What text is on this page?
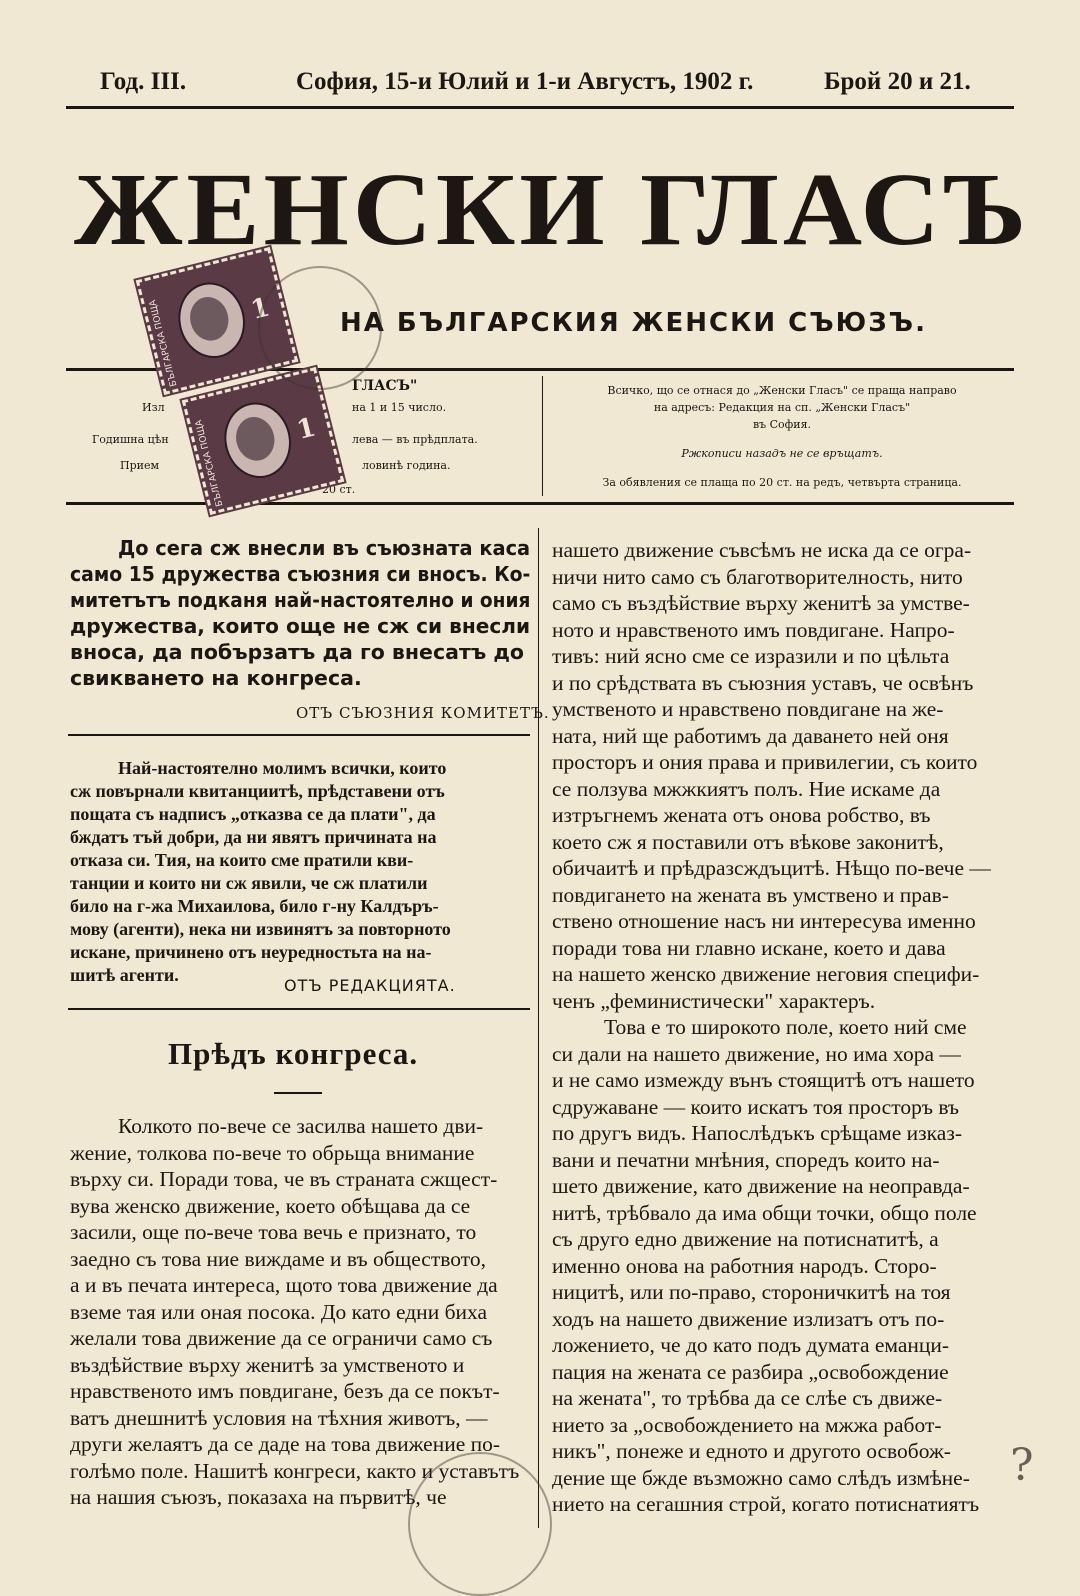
Год. III.	София, 15-и Юлий и 1-и Августъ, 1902 г.	Брой 20 и 21.
ЖЕНСКИ ГЛАСЪ
НА БЪЛГАРСКИЯ ЖЕНСКИ СЪЮЗЪ.
ГЛАСЪ"
Изл	на 1 и 15 число.
Годишна цѣн	лева — въ прѣдплата.
Прием	ловинѣ година.
20 ст.
Всичко, що се отнася до „Женски Гласъ" се праща направо
на адресъ: Редакция на сп. „Женски Гласъ"
въ София.
Ржкописи назадъ не се връщатъ.
За обявления се плаща по 20 ст. на редъ, четвърта страница.
БЪЛГАРСКА ПОЩА	1
БЪЛГАРСКА ПОЩА	1
До сега сж внесли въ съюзната каса
само 15 дружества съюзния си вносъ. Ко-
митетътъ подканя най-настоятелно и ония
дружества, които още не сж си внесли
вноса, да побързатъ да го внесатъ до
свикването на конгреса.
ОТЪ СЪЮЗНИЯ КОМИТЕТЪ.
Най-настоятелно молимъ всички, които
сж повърнали квитанциитѣ, прѣдставени отъ
пощата съ надписъ „отказва се да плати", да
бждатъ тъй добри, да ни явятъ причината на
отказа си. Тия, на които сме пратили кви-
танции и които ни сж явили, че сж платили
било на г-жа Михаилова, било г-ну Калдъръ-
мову (агенти), нека ни извинятъ за повторното
искане, причинено отъ неуредностьта на на-
шитѣ агенти.
ОТЪ РЕДАКЦИЯТА.
Прѣдъ конгреса.
Колкото по-вече се засилва нашето дви-
жение, толкова по-вече то обрьща внимание
върху си. Поради това, че въ страната сжщест-
вува женско движение, което обѣщава да се
засили, още по-вече това вечь е признато, то
заедно съ това ние виждаме и въ обществото,
а и въ печата интереса, щото това движение да
вземе тая или оная посока. До като едни биха
желали това движение да се ограничи само съ
въздѣйствие върху женитѣ за умственото и
нравственото имъ повдигане, безъ да се покът-
ватъ днешнитѣ условия на тѣхния животъ, —
други желаятъ да се даде на това движение по-
голѣмо поле. Нашитѣ конгреси, както и уставътъ
на нашия съюзъ, показаха на първитѣ, че
нашето движение съвсѣмъ не иска да се огра-
ничи нито само съ благотворителность, нито
само съ въздѣйствие върху женитѣ за умстве-
ното и нравственото имъ повдигане. Напро-
тивъ: ний ясно сме се изразили и по цѣльта
и по срѣдствата въ съюзния уставъ, че освѣнъ
умственото и нравствено повдигане на же-
ната, ний ще работимъ да даването ней оня
просторъ и ония права и привилегии, съ които
се ползува мжжкиятъ полъ. Ние искаме да
изтръгнемъ жената отъ онова робство, въ
което сж я поставили отъ вѣкове законитѣ,
обичаитѣ и прѣдразсждъцитѣ. Нѣщо по-вече —
повдигането на жената въ умствено и прав-
ствено отношение насъ ни интересува именно
поради това ни главно искане, което и дава
на нашето женско движение неговия специфи-
ченъ „феминистически" характеръ.
Това е то широкото поле, което ний сме
си дали на нашето движение, но има хора —
и не само измежду вънъ стоящитѣ отъ нашето
сдружаване — които искатъ тоя просторъ въ
по другъ видъ. Напослѣдъкъ срѣщаме изказ-
вани и печатни мнѣния, споредъ които на-
шето движение, като движение на неоправда-
нитѣ, трѣбвало да има общи точки, общо поле
съ друго едно движение на потиснатитѣ, а
именно онова на работния народъ. Сторо-
ницитѣ, или по-право, стороничкитѣ на тоя
ходъ на нашето движение излизатъ отъ по-
ложението, че до като подъ думата еманци-
пация на жената се разбира „освобождение
на жената", то трѣбва да се слѣе съ движе-
нието за „освобождението на мжжа работ-
никъ", понеже и едното и другото освобож-
дение ще бжде възможно само слѣдъ измѣне-
нието на сегашния строй, когато потиснатиятъ
?
